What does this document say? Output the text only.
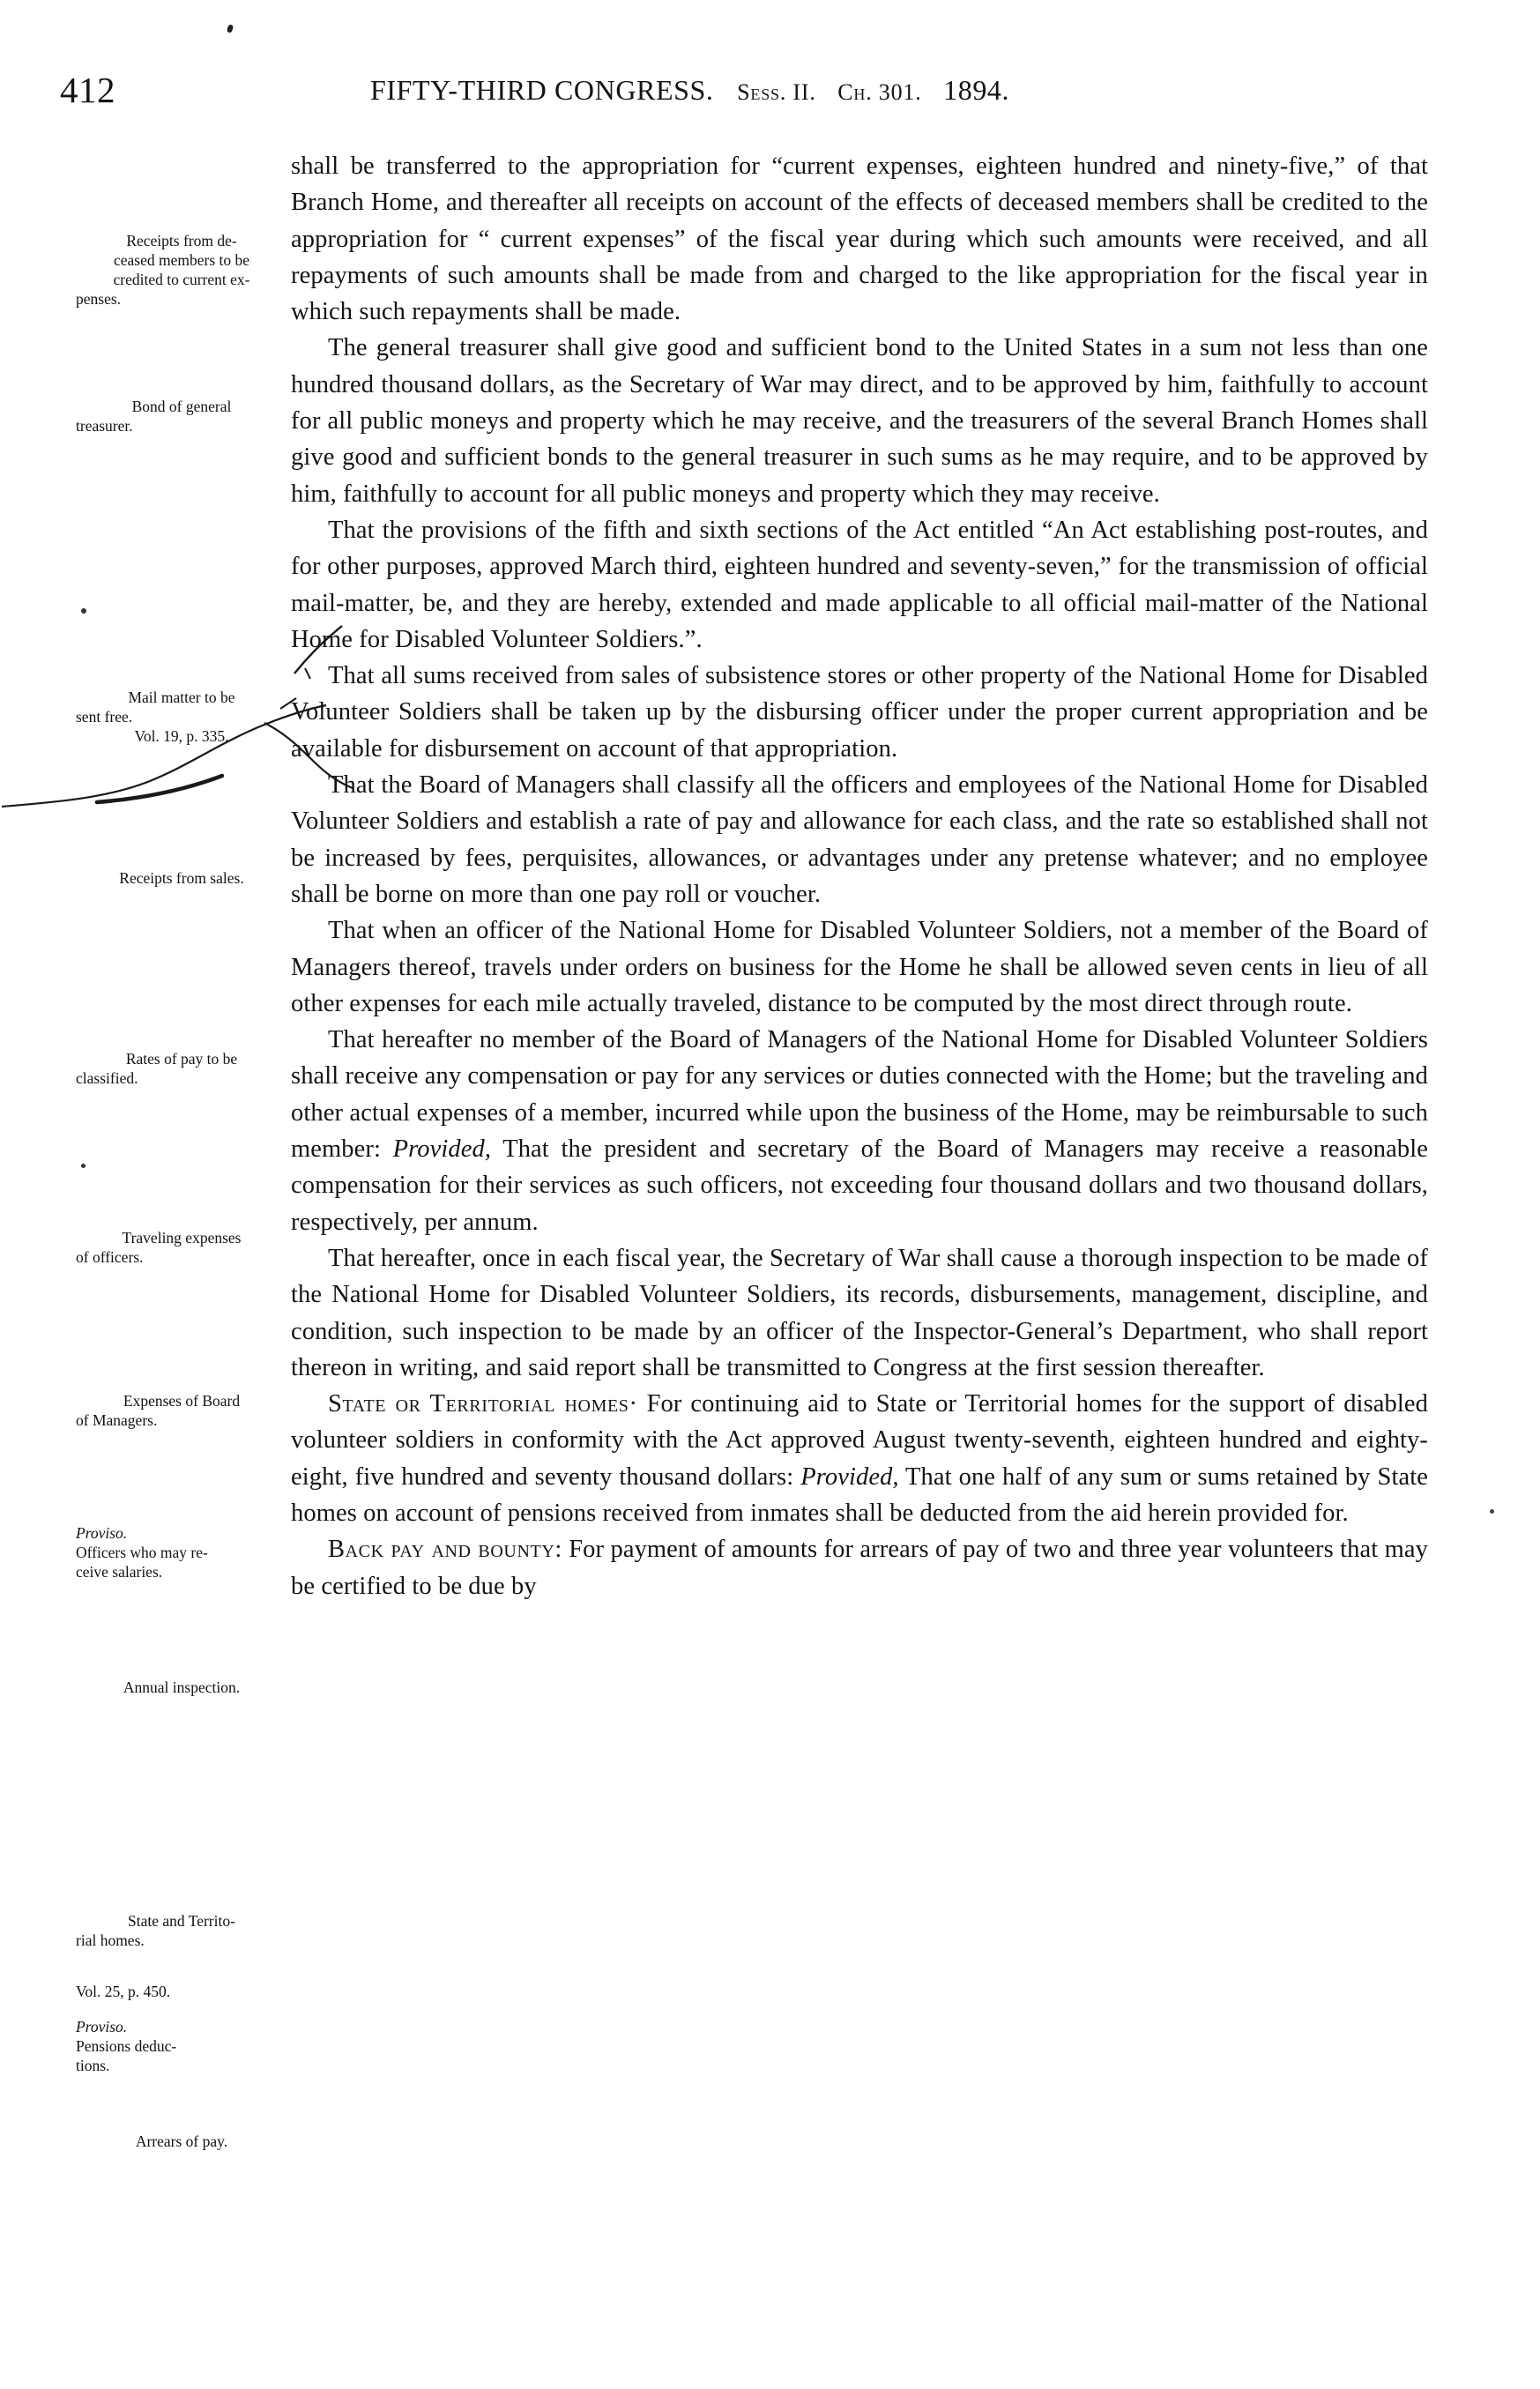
412	FIFTY-THIRD CONGRESS. Sess. II. Ch. 301. 1894.
Receipts from de-
ceased members to be
credited to current ex-
penses.
Bond of general
treasurer.
Mail matter to be
sent free.
Vol. 19, p. 335.
Receipts from sales.
Rates of pay to be
classified.
Traveling expenses
of officers.
Expenses of Board
of Managers.
Proviso.
Officers who may re-
ceive salaries.
Annual inspection.
State and Territo-
rial homes.
Vol. 25, p. 450.
Proviso.
Pensions deduc-
tions.
Arrears of pay.

shall be transferred to the appropriation for “current expenses, eighteen hundred and ninety-five,” of that Branch Home, and thereafter all receipts on account of the effects of deceased members shall be credited to the appropriation for “ current expenses” of the fiscal year during which such amounts were received, and all repayments of such amounts shall be made from and charged to the like appropriation for the fiscal year in which such repayments shall be made.

The general treasurer shall give good and sufficient bond to the United States in a sum not less than one hundred thousand dollars, as the Secretary of War may direct, and to be approved by him, faithfully to account for all public moneys and property which he may receive, and the treasurers of the several Branch Homes shall give good and sufficient bonds to the general treasurer in such sums as he may require, and to be approved by him, faithfully to account for all public moneys and property which they may receive.

That the provisions of the fifth and sixth sections of the Act entitled “An Act establishing post-routes, and for other purposes, approved March third, eighteen hundred and seventy-seven,” for the transmission of official mail-matter, be, and they are hereby, extended and made applicable to all official mail-matter of the National Home for Disabled Volunteer Soldiers.”.

That all sums received from sales of subsistence stores or other property of the National Home for Disabled Volunteer Soldiers shall be taken up by the disbursing officer under the proper current appropriation and be available for disbursement on account of that appropriation.

That the Board of Managers shall classify all the officers and employees of the National Home for Disabled Volunteer Soldiers and establish a rate of pay and allowance for each class, and the rate so established shall not be increased by fees, perquisites, allowances, or advantages under any pretense whatever; and no employee shall be borne on more than one pay roll or voucher.

That when an officer of the National Home for Disabled Volunteer Soldiers, not a member of the Board of Managers thereof, travels under orders on business for the Home he shall be allowed seven cents in lieu of all other expenses for each mile actually traveled, distance to be computed by the most direct through route.

That hereafter no member of the Board of Managers of the National Home for Disabled Volunteer Soldiers shall receive any compensation or pay for any services or duties connected with the Home; but the traveling and other actual expenses of a member, incurred while upon the business of the Home, may be reimbursable to such member: Provided, That the president and secretary of the Board of Managers may receive a reasonable compensation for their services as such officers, not exceeding four thousand dollars and two thousand dollars, respectively, per annum.

That hereafter, once in each fiscal year, the Secretary of War shall cause a thorough inspection to be made of the National Home for Disabled Volunteer Soldiers, its records, disbursements, management, discipline, and condition, such inspection to be made by an officer of the Inspector-General’s Department, who shall report thereon in writing, and said report shall be transmitted to Congress at the first session thereafter.

State or Territorial homes· For continuing aid to State or Territorial homes for the support of disabled volunteer soldiers in conformity with the Act approved August twenty-seventh, eighteen hundred and eighty-eight, five hundred and seventy thousand dollars: Provided, That one half of any sum or sums retained by State homes on account of pensions received from inmates shall be deducted from the aid herein provided for.

Back pay and bounty: For payment of amounts for arrears of pay of two and three year volunteers that may be certified to be due by
